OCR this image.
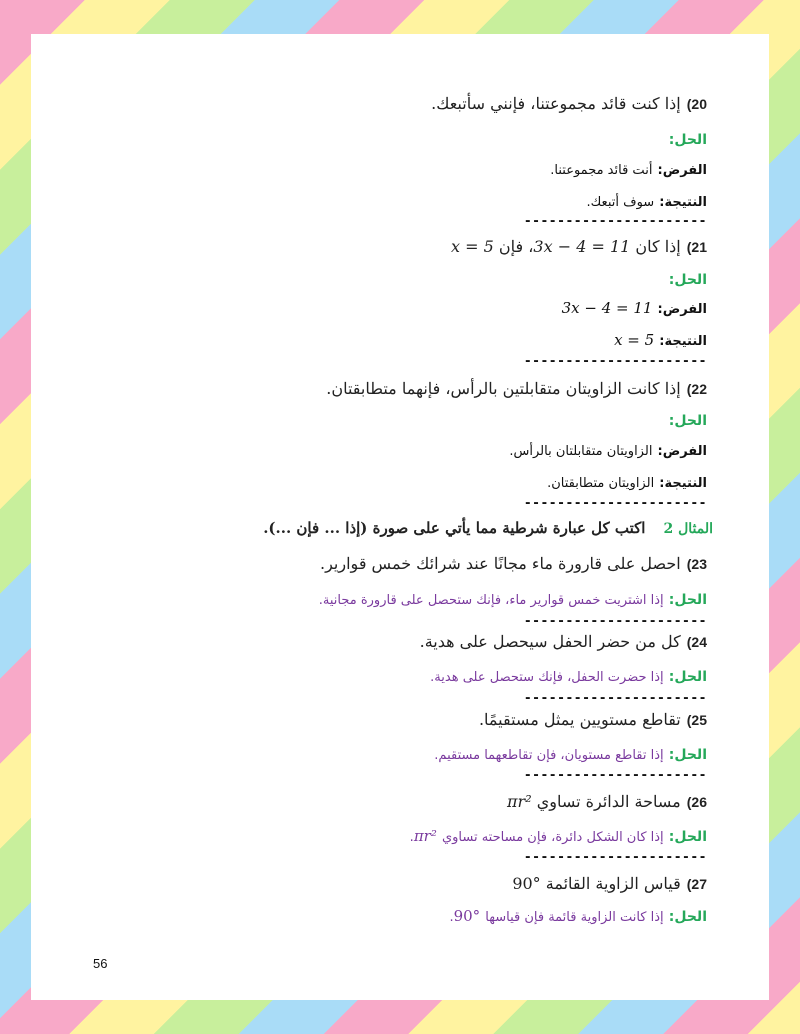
20)إذا كنت قائد مجموعتنا، فإنني سأتبعك.
الحل:
الفرض: أنت قائد مجموعتنا.
النتيجة: سوف أتبعك.
----------------------
21)إذا كان 3x − 4 = 11، فإن x = 5
الحل:
الفرض: 3x − 4 = 11
النتيجة: x = 5
----------------------
22)إذا كانت الزاويتان متقابلتين بالرأس، فإنهما متطابقتان.
الحل:
الفرض: الزاويتان متقابلتان بالرأس.
النتيجة: الزاويتان متطابقتان.
----------------------
المثال 2اكتب كل عبارة شرطية مما يأتي على صورة (إذا ... فإن ...).
23)احصل على قارورة ماء مجانًا عند شرائك خمس قوارير.
الحل: إذا اشتريت خمس قوارير ماء، فإنك ستحصل على قارورة مجانية.
----------------------
24)كل من حضر الحفل سيحصل على هدية.
الحل: إذا حضرت الحفل، فإنك ستحصل على هدية.
----------------------
25)تقاطع مستويين يمثل مستقيمًا.
الحل: إذا تقاطع مستويان، فإن تقاطعهما مستقيم.
----------------------
26)مساحة الدائرة تساوي πr²
الحل: إذا كان الشكل دائرة، فإن مساحته تساوي πr².
----------------------
27)قياس الزاوية القائمة 90°
الحل: إذا كانت الزاوية قائمة فإن قياسها 90°.
56
